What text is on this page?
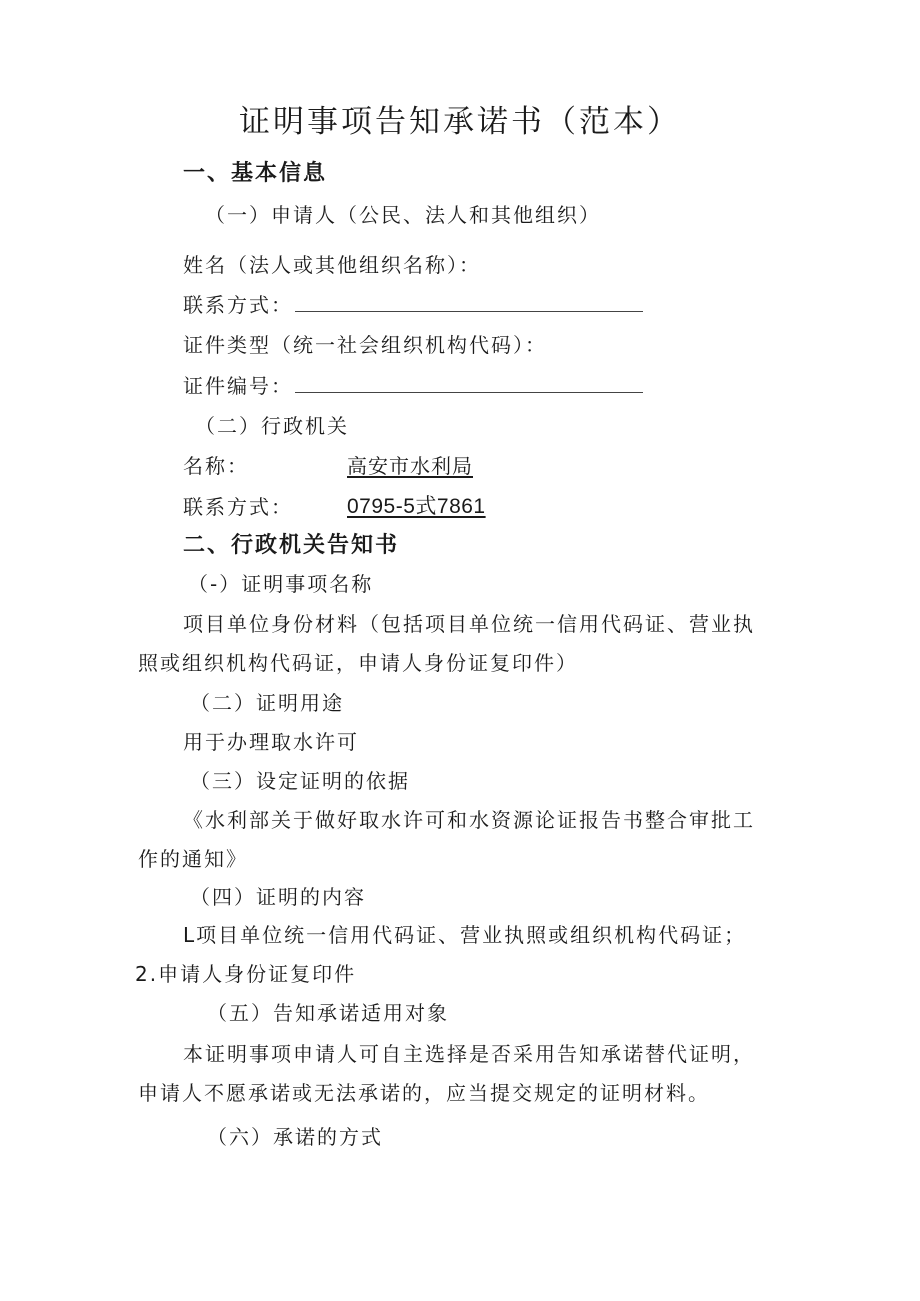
证明事项告知承诺书（范本）
一、基本信息
（一）申请人（公民、法人和其他组织）
姓名（法人或其他组织名称）：
联系方式：
证件类型（统一社会组织机构代码）：
证件编号：
（二）行政机关
名称：	高安市水利局
联系方式：	0795-5式7861
二、行政机关告知书
（-）证明事项名称
项目单位身份材料（包括项目单位统一信用代码证、营业执
照或组织机构代码证，申请人身份证复印件）
（二）证明用途
用于办理取水许可
（三）设定证明的依据
《水利部关于做好取水许可和水资源论证报告书整合审批工
作的通知》
（四）证明的内容
L项目单位统一信用代码证、营业执照或组织机构代码证；
2.申请人身份证复印件
（五）告知承诺适用对象
本证明事项申请人可自主选择是否采用告知承诺替代证明，
申请人不愿承诺或无法承诺的，应当提交规定的证明材料。
（六）承诺的方式
